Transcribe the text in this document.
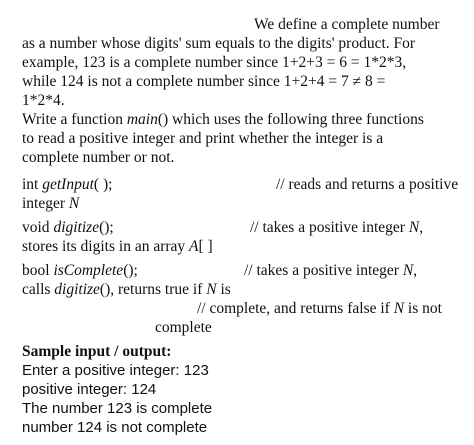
We define a complete number
as a number whose digits' sum equals to the digits' product. For
example, 123 is a complete number since 1+2+3 = 6 = 1*2*3,
while 124 is not a complete number since 1+2+4 = 7 ≠ 8 =
1*2*4.
Write a function main() which uses the following three functions
to read a positive integer and print whether the integer is a
complete number or not.
int getInput( );	// reads and returns a positive
integer N
void digitize();	// takes a positive integer N,
stores its digits in an array A[ ]
bool isComplete();	// takes a positive integer N,
calls digitize(), returns true if N is
// complete, and returns false if N is not
complete
Sample input / output:
Enter a positive integer: 123
positive integer: 124
The number 123 is complete
number 124 is not complete
